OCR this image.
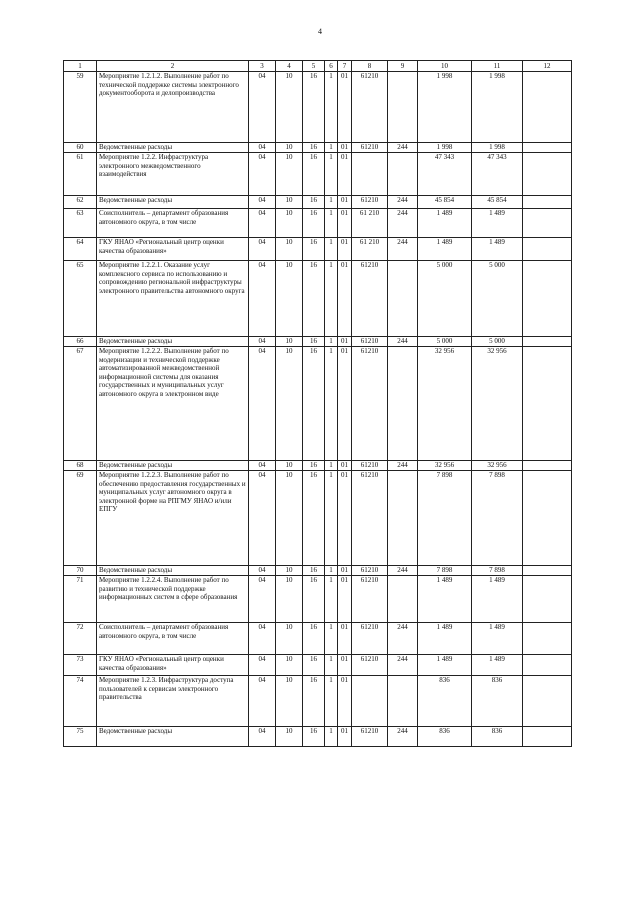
4
1	2	3	4	5	6	7	8	9	10	11	12
59	Мероприятие 1.2.1.2. Выполнение работ по технической поддержке системы электронного документооборота и делопроизводства	04	10	16	1	01	61210		1 998	1 998	
60	Ведомственные расходы	04	10	16	1	01	61210	244	1 998	1 998	
61	Мероприятие 1.2.2. Инфраструктура электронного межведомственного взаимодействия	04	10	16	1	01			47 343	47 343	
62	Ведомственные расходы	04	10	16	1	01	61210	244	45 854	45 854	
63	Соисполнитель – департамент образования автономного округа, в том числе	04	10	16	1	01	61 210	244	1 489	1 489	
64	ГКУ ЯНАО «Региональный центр оценки качества образования»	04	10	16	1	01	61 210	244	1 489	1 489	
65	Мероприятие 1.2.2.1. Оказание услуг комплексного сервиса по использованию и сопровождению региональной инфраструктуры электронного правительства автономного округа	04	10	16	1	01	61210		5 000	5 000	
66	Ведомственные расходы	04	10	16	1	01	61210	244	5 000	5 000	
67	Мероприятие 1.2.2.2. Выполнение работ по модернизации и технической поддержке автоматизированной межведомственной информационной системы для оказания государственных и муниципальных услуг автономного округа в электронном виде	04	10	16	1	01	61210		32 956	32 956	
68	Ведомственные расходы	04	10	16	1	01	61210	244	32 956	32 956	
69	Мероприятие 1.2.2.3. Выполнение работ по обеспечению предоставления государственных и муниципальных услуг автономного округа в электронной форме на РПГМУ ЯНАО и/или ЕПГУ	04	10	16	1	01	61210		7 898	7 898	
70	Ведомственные расходы	04	10	16	1	01	61210	244	7 898	7 898	
71	Мероприятие 1.2.2.4. Выполнение работ по развитию и технической поддержке информационных систем в сфере образования	04	10	16	1	01	61210		1 489	1 489	
72	Соисполнитель – департамент образования автономного округа, в том числе	04	10	16	1	01	61210	244	1 489	1 489	
73	ГКУ ЯНАО «Региональный центр оценки качества образования»	04	10	16	1	01	61210	244	1 489	1 489	
74	Мероприятие 1.2.3. Инфраструктура доступа пользователей к сервисам электронного правительства	04	10	16	1	01			836	836	
75	Ведомственные расходы	04	10	16	1	01	61210	244	836	836	
